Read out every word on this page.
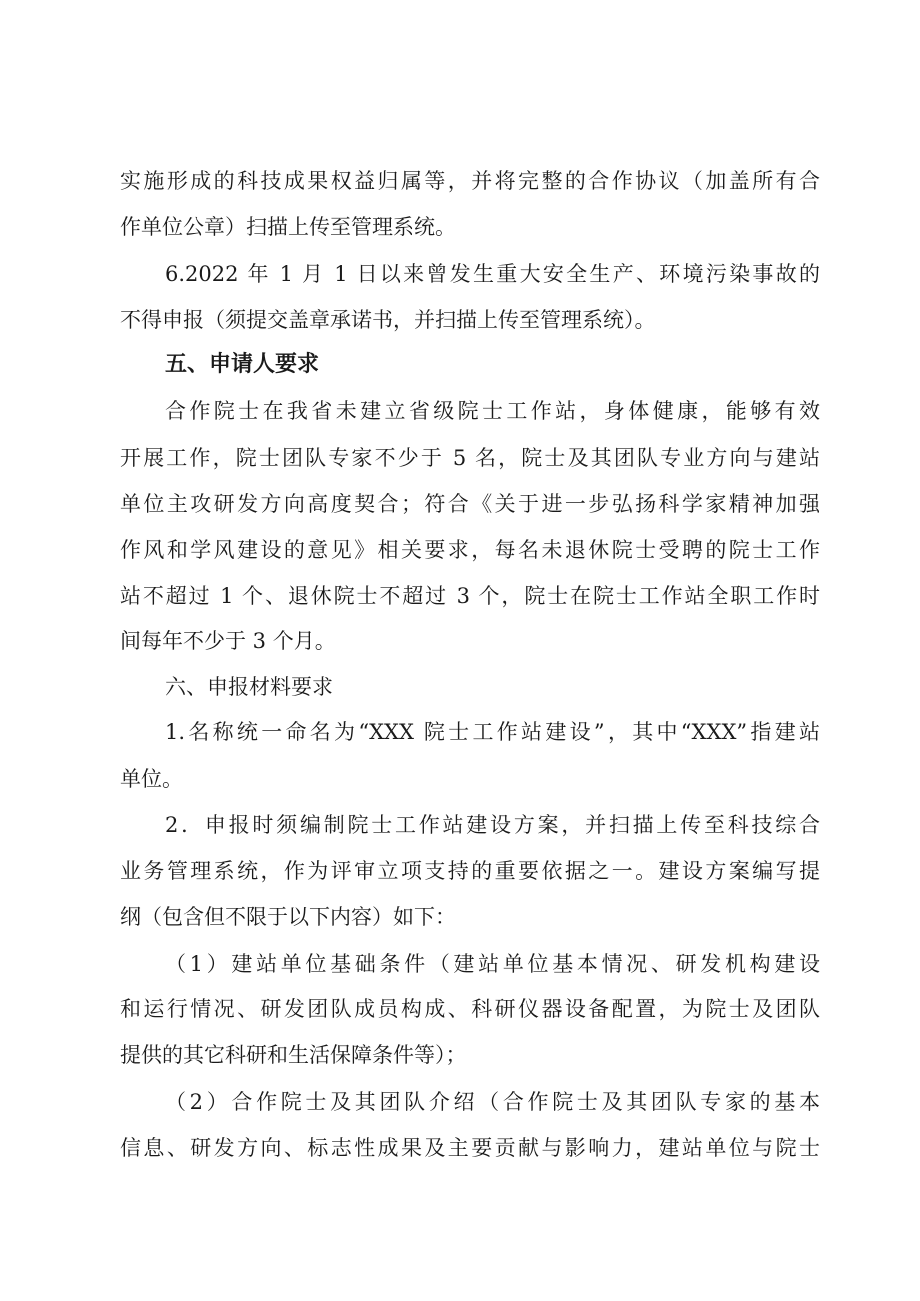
实施形成的科技成果权益归属等，并将完整的合作协议（加盖所有合
作单位公章）扫描上传至管理系统。
6.2022 年 1 月 1 日以来曾发生重大安全生产、环境污染事故的
不得申报（须提交盖章承诺书，并扫描上传至管理系统）。
五、申请人要求
合作院士在我省未建立省级院士工作站，身体健康，能够有效
开展工作，院士团队专家不少于 5 名，院士及其团队专业方向与建站
单位主攻研发方向高度契合；符合《关于进一步弘扬科学家精神加强
作风和学风建设的意见》相关要求，每名未退休院士受聘的院士工作
站不超过 1 个、退休院士不超过 3 个，院士在院士工作站全职工作时
间每年不少于 3 个月。
六、申报材料要求
1.名称统一命名为“XXX 院士工作站建设”，其中“XXX”指建站
单位。
2．申报时须编制院士工作站建设方案，并扫描上传至科技综合
业务管理系统，作为评审立项支持的重要依据之一。建设方案编写提
纲（包含但不限于以下内容）如下：
（1）建站单位基础条件（建站单位基本情况、研发机构建设
和运行情况、研发团队成员构成、科研仪器设备配置，为院士及团队
提供的其它科研和生活保障条件等）；
（2）合作院士及其团队介绍（合作院士及其团队专家的基本
信息、研发方向、标志性成果及主要贡献与影响力，建站单位与院士
